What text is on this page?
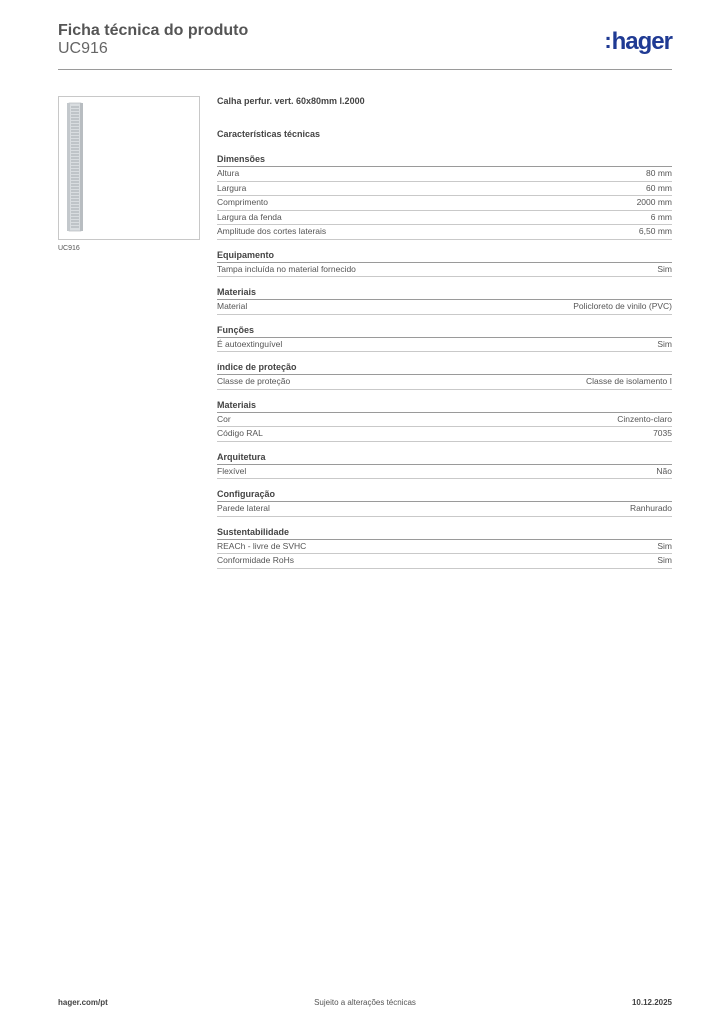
Ficha técnica do produto
UC916	:hager
UC916
Calha perfur. vert. 60x80mm l.2000
Características técnicas
Dimensões
Altura	80 mm
Largura	60 mm
Comprimento	2000 mm
Largura da fenda	6 mm
Amplitude dos cortes laterais	6,50 mm
Equipamento
Tampa incluída no material fornecido	Sim
Materiais
Material	Policloreto de vinilo (PVC)
Funções
É autoextinguível	Sim
índice de proteção
Classe de proteção	Classe de isolamento I
Materiais
Cor	Cinzento-claro
Código RAL	7035
Arquitetura
Flexível	Não
Configuração
Parede lateral	Ranhurado
Sustentabilidade
REACh - livre de SVHC	Sim
Conformidade RoHs	Sim
hager.com/pt	Sujeito a alterações técnicas	10.12.2025
